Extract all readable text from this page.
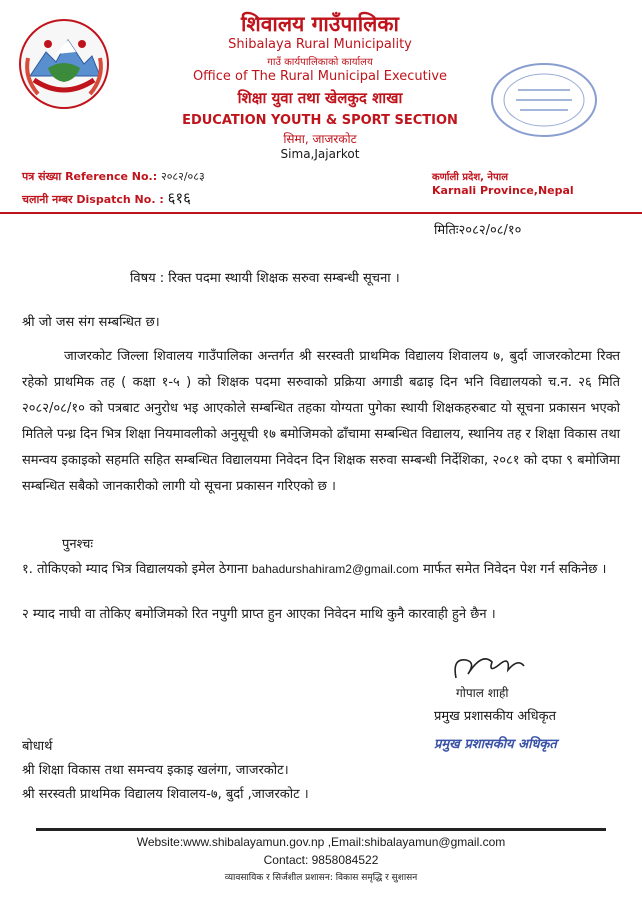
शिवालय गाउँपालिका
Shibalaya Rural Municipality
गाउँ कार्यपालिकाको कार्यालय
Office of The Rural Municipal Executive
शिक्षा युवा तथा खेलकुद शाखा
EDUCATION YOUTH & SPORT SECTION
सिमा, जाजरकोट
Sima,Jajarkot
पत्र संख्या Reference No.: २०८२/०८३
चलानी नम्बर Dispatch No. : ६१६
कर्णाली प्रदेश, नेपाल
Karnali Province,Nepal
मितिः२०८२/०८/१०
विषय : रिक्त पदमा स्थायी शिक्षक सरुवा सम्बन्धी सूचना ।
श्री जो जस संग सम्बन्धित छ।
जाजरकोट जिल्ला शिवालय गाउँपालिका अन्तर्गत श्री सरस्वती प्राथमिक विद्यालय शिवालय ७, बुर्दा जाजरकोटमा रिक्त रहेको प्राथमिक तह ( कक्षा १-५ ) को शिक्षक पदमा सरुवाको प्रक्रिया अगाडी बढाइ दिन भनि विद्यालयको च.न. २६ मिति २०८२/०८/१० को पत्रबाट अनुरोध भइ आएकोले सम्बन्धित तहका योग्यता पुगेका स्थायी शिक्षकहरुबाट यो सूचना प्रकासन भएको मितिले पन्ध्र दिन भित्र शिक्षा नियमावलीको अनुसूची १७ बमोजिमको ढाँचामा सम्बन्धित विद्यालय, स्थानिय तह र शिक्षा विकास तथा समन्वय इकाइको सहमति सहित सम्बन्धित विद्यालयमा निवेदन दिन शिक्षक सरुवा सम्बन्धी निर्देशिका, २०८१ को दफा ९ बमोजिमा सम्बन्धित सबैको जानकारीको लागी यो सूचना प्रकासन गरिएको छ ।
पुनश्चः
१. तोकिएको म्याद भित्र विद्यालयको इमेल ठेगाना bahadurshahiram2@gmail.com मार्फत समेत निवेदन पेश गर्न सकिनेछ ।
२ म्याद नाघी वा तोकिए बमोजिमको रित नपुगी प्राप्त हुन आएका निवेदन माथि कुनै कारवाही हुने छैन ।
गोपाल शाही
प्रमुख प्रशासकीय अधिकृत
प्रमुख प्रशासकीय अधिकृत
बोधार्थ
श्री शिक्षा विकास तथा समन्वय इकाइ खलंगा, जाजरकोट।
श्री सरस्वती प्राथमिक विद्यालय शिवालय-७, बुर्दा ,जाजरकोट ।
Website:www.shibalayamun.gov.np ,Email:shibalayamun@gmail.com
Contact: 9858084522
व्यावसायिक र सिर्जशील प्रशासन: विकास समृद्धि र सुशासन
